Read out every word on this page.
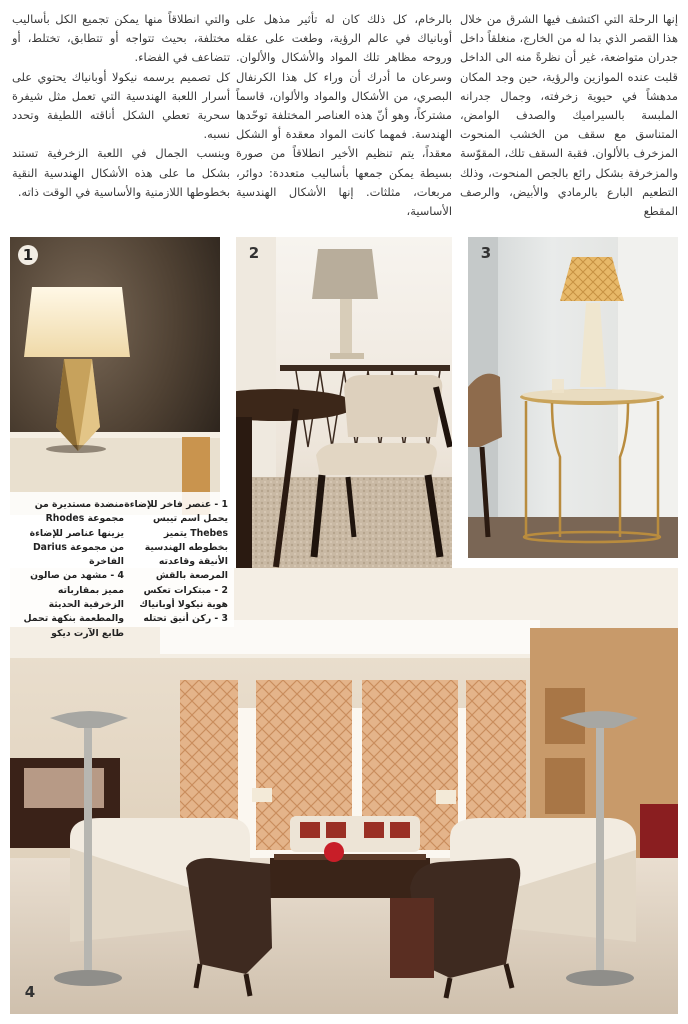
إنها الرحلة التي اكتشف فيها الشرق من خلال هذا القصر الذي بدا له من الخارج، منغلقاً داخل جدران متواضعة، غير أن نظرةً منه الى الداخل قلبت عنده الموازين والرؤية، حين وجد المكان مدهشاً في حيوية زخرفته، وجمال جدرانه الملبسة بالسيراميك والصدف الوامض، المتناسق مع سقف من الخشب المنحوت المزخرف بالألوان. فقبة السقف تلك، المقوّسة والمزخرفة بشكل رائع بالجص المنحوت، وذلك التطعيم البارع بالرمادي والأبيض، والرصف المقطع

بالرخام، كل ذلك كان له تأثير مذهل على أوبانياك في عالم الرؤية، وطغت على عقله وروحه مظاهر تلك المواد والأشكال والألوان. وسرعان ما أدرك أن وراء كل هذا الكرنفال البصري، من الأشكال والمواد والألوان، قاسماً مشتركاً، وهو أنّ هذه العناصر المختلفة توحّدها الهندسة. فمهما كانت المواد معقدة أو الشكل معقداً، يتم تنظيم الأخير انطلاقاً من صورة بسيطة يمكن جمعها بأساليب متعددة: دوائر، مربعات، مثلثات. إنها الأشكال الهندسية الأساسية،

والتي انطلاقاً منها يمكن تجميع الكل بأساليب مختلفة، بحيث تتواجه أو تتطابق، تختلط، أو تتضاعف في الفضاء.

كل تصميم يرسمه نيكولا أوبانياك يحتوي على أسرار اللعبة الهندسية التي تعمل مثل شيفرة سحرية تعطي الشكل أناقته اللطيفة وتحدد نسبه.

وينسب الجمال في اللعبة الزخرفية تستند بشكل ما على هذه الأشكال الهندسية النقية بخطوطها اللازمنية والأساسية في الوقت ذاته.

1	2	3
4

1 - عنصر فاخر للإضاءة يحمل اسم تيبس Thebes يتميز بخطوطه الهندسية الأنيقة وقاعدته المرصعة بالقش

2 - مبتكرات تعكس هوية نيكولا أوبانياك

3 - ركن أنيق تحتله

منضدة مستديرة من مجموعة Rhodes يزينها عناصر للإضاءة من مجموعة Darius الفاخرة

4 - مشهد من صالون مميز بمقارباته الزخرفية الحديثة والمطعمة بنكهة تحمل طابع الآرت ديكو
